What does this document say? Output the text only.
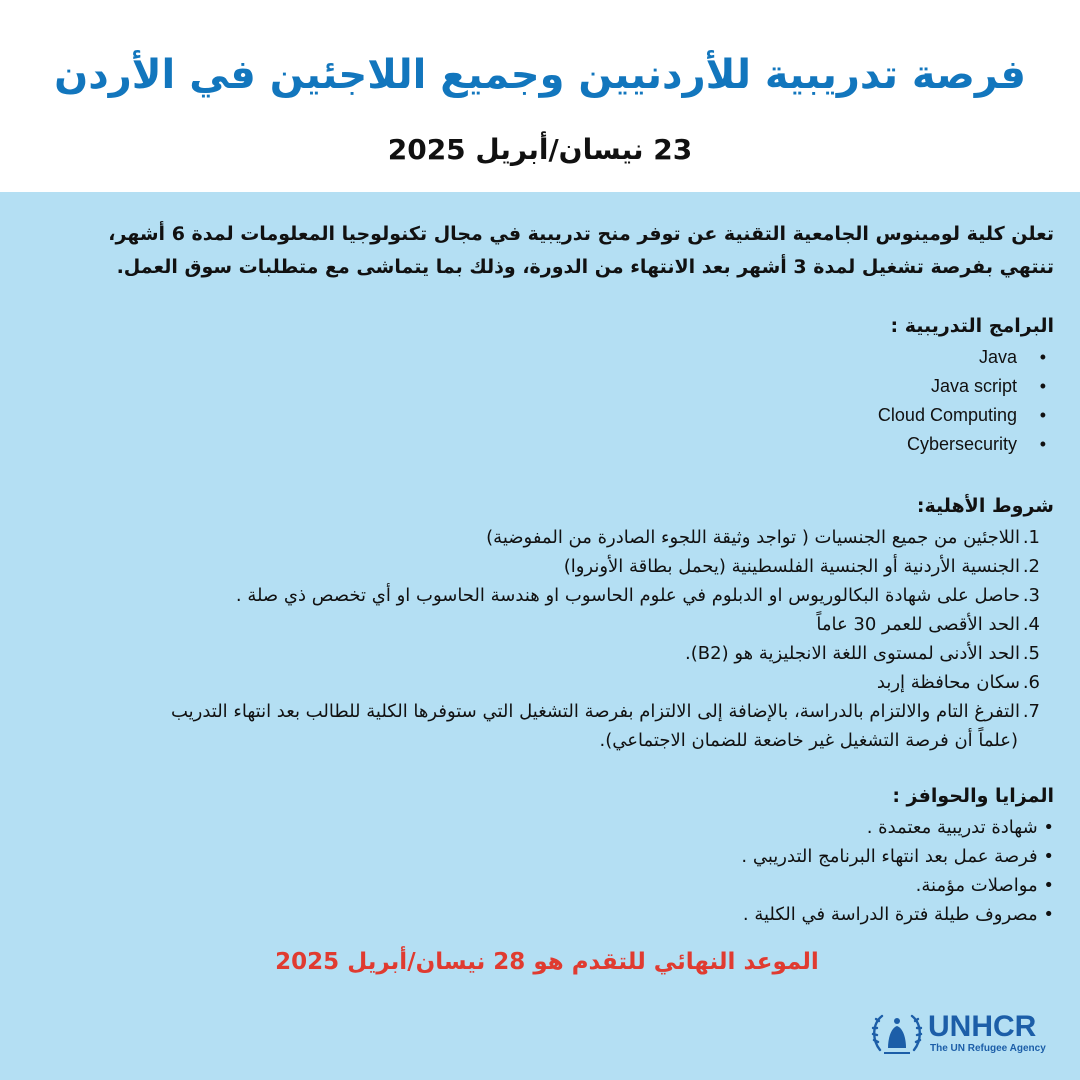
فرصة تدريبية للأردنيين وجميع اللاجئين في الأردن
23 نيسان/أبريل 2025

تعلن كلية لومينوس الجامعية التقنية عن توفر منح تدريبية في مجال تكنولوجيا المعلومات لمدة 6 أشهر،

تنتهي بفرصة تشغيل لمدة 3 أشهر بعد الانتهاء من الدورة، وذلك بما يتماشى مع متطلبات سوق العمل.

البرامج التدريبية :
•
Java
•
Java script
•
Cloud Computing
•
Cybersecurity
شروط الأهلية:
1.اللاجئين من جميع الجنسيات ( تواجد وثيقة اللجوء الصادرة من المفوضية)
2.الجنسية الأردنية أو الجنسية الفلسطينية (يحمل بطاقة الأونروا)
3.حاصل على شهادة البكالوريوس او الدبلوم في علوم الحاسوب او هندسة الحاسوب او أي تخصص ذي صلة .
4.الحد الأقصى للعمر 30 عاماً
5.الحد الأدنى لمستوى اللغة الانجليزية هو (B2).
6.سكان محافظة إربد
7.التفرغ التام والالتزام بالدراسة، بالإضافة إلى الالتزام بفرصة التشغيل التي ستوفرها الكلية للطالب بعد انتهاء التدريب
(علماً أن فرصة التشغيل غير خاضعة للضمان الاجتماعي).
المزايا والحوافز :
• شهادة تدريبية معتمدة .
• فرصة عمل بعد انتهاء البرنامج التدريبي .
• مواصلات مؤمنة.
• مصروف طيلة فترة الدراسة في الكلية .
الموعد النهائي للتقدم هو 28 نيسان/أبريل 2025
UNHCR
The UN Refugee Agency
